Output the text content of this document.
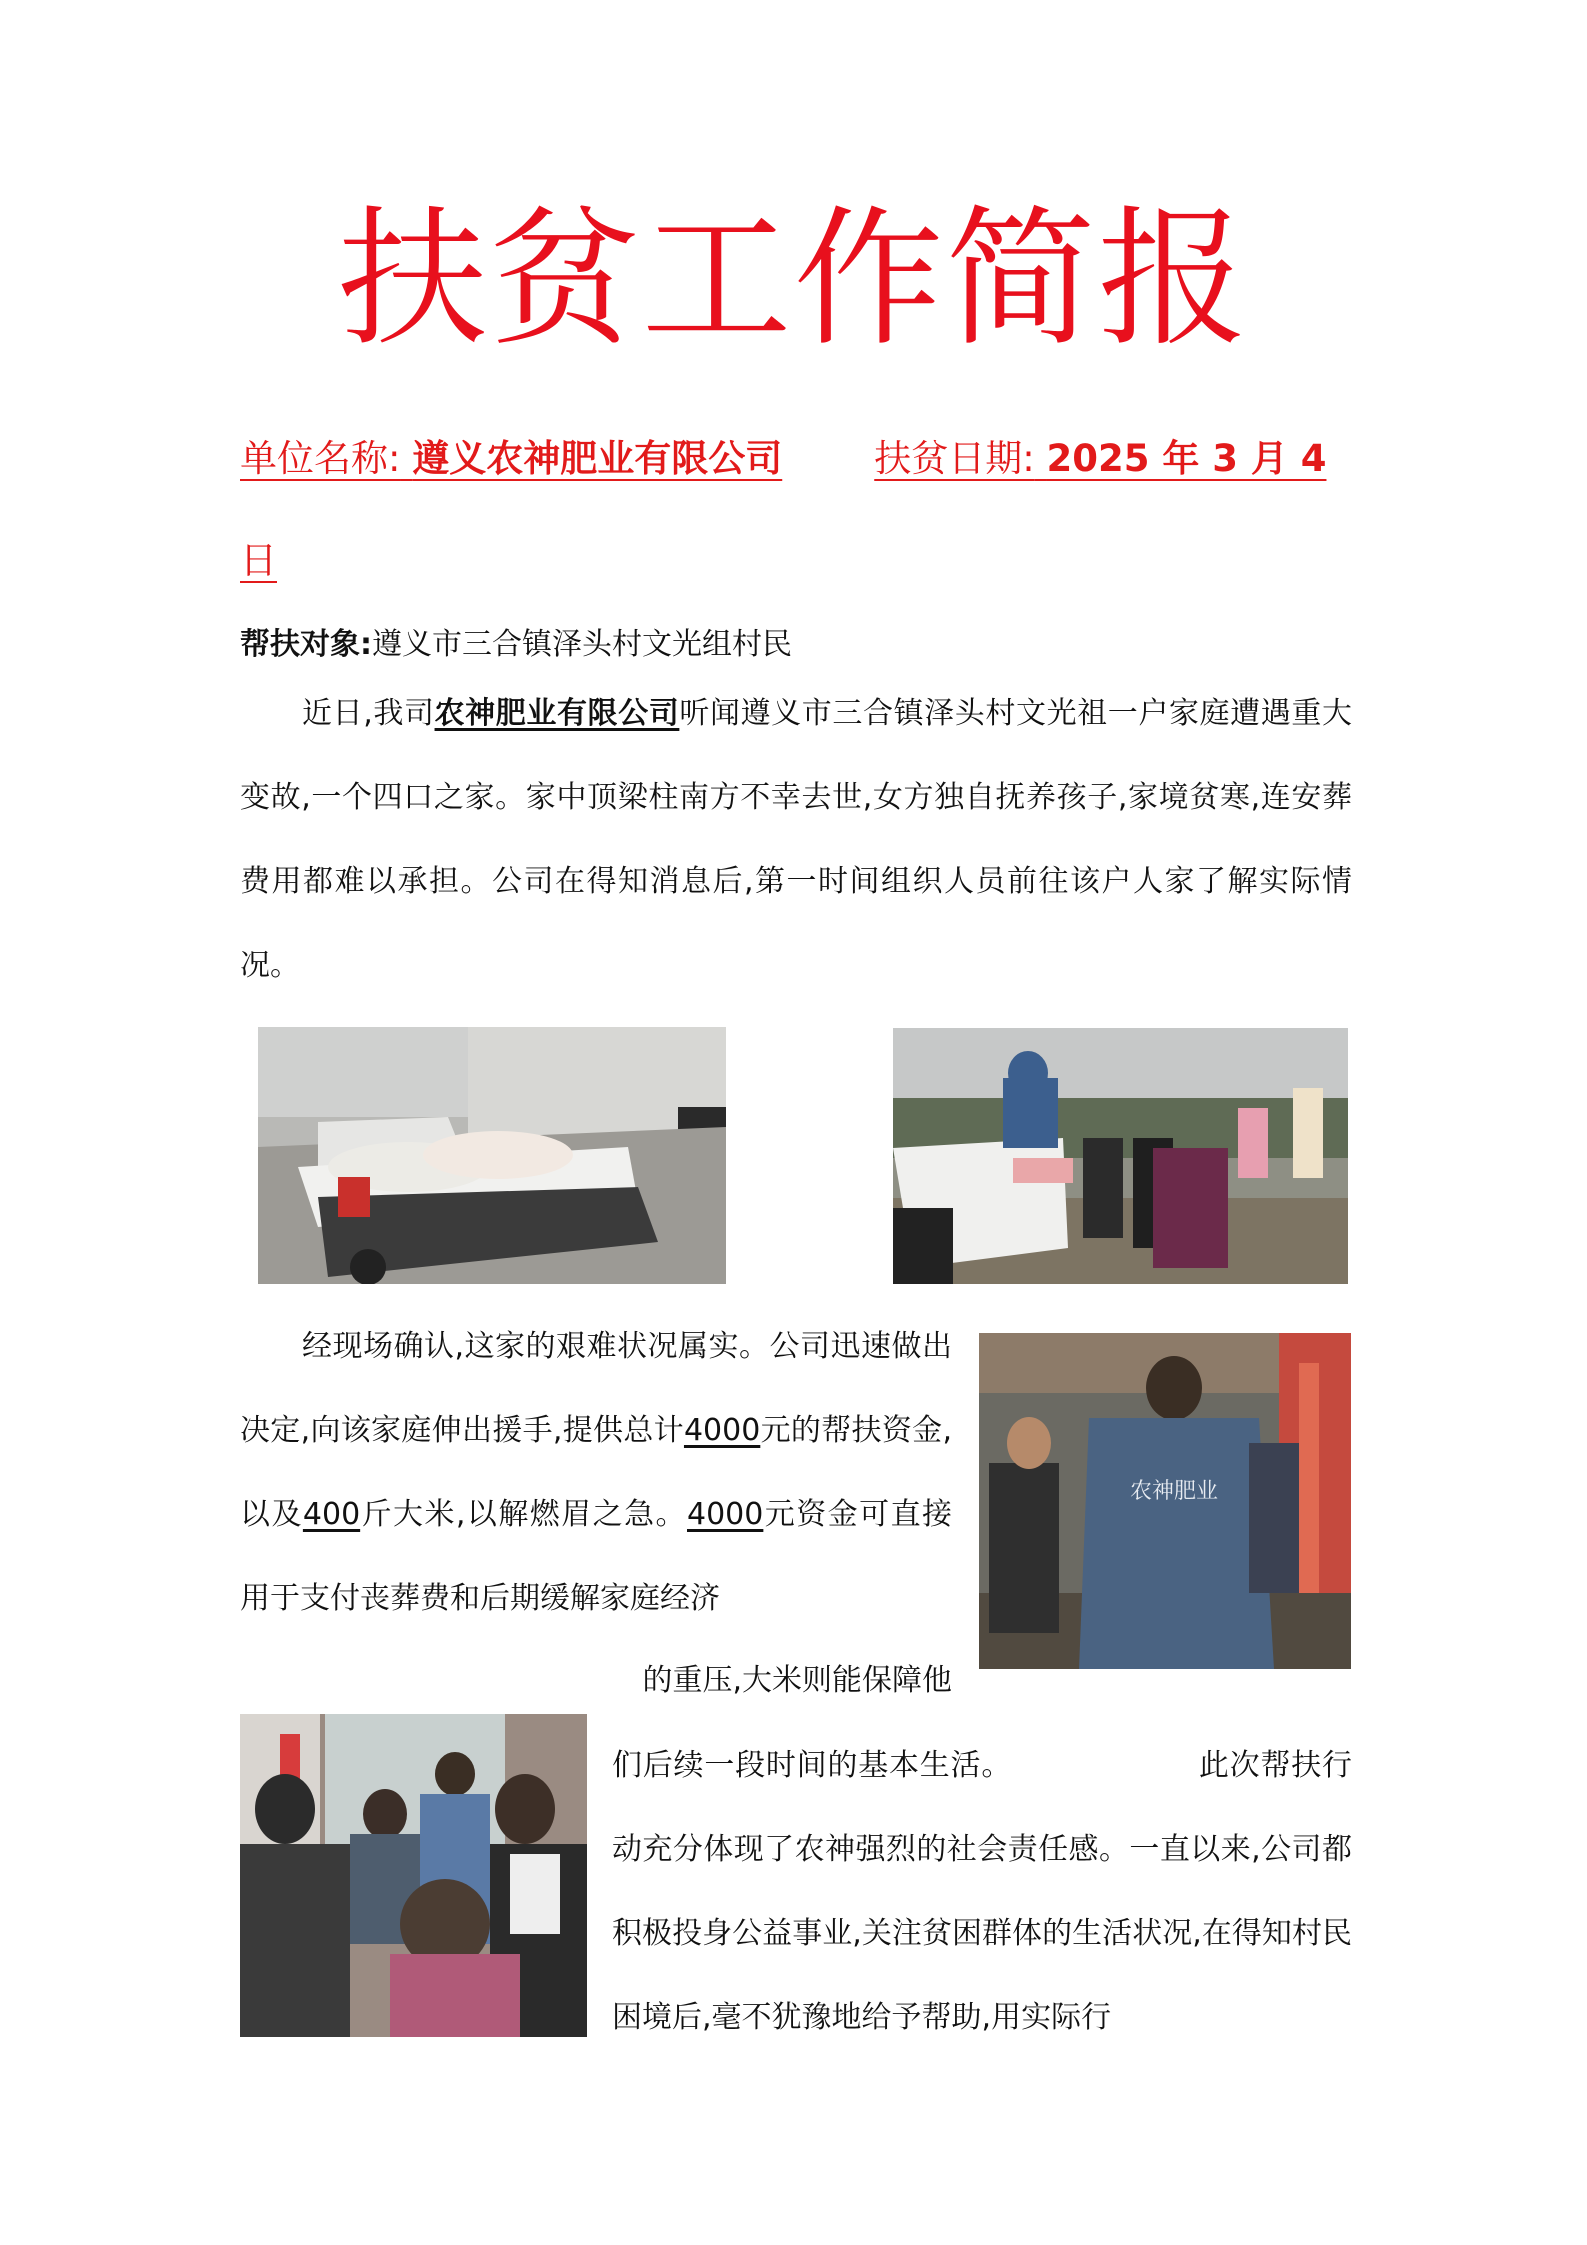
扶贫工作简报
单位名称: 遵义农神肥业有限公司 扶贫日期: 2025 年 3 月 4
日
帮扶对象:遵义市三合镇泽头村文光组村民
近日,我司农神肥业有限公司听闻遵义市三合镇泽头村文光祖一户家庭遭遇重大变故,一个四口之家。家中顶梁柱南方不幸去世,女方独自抚养孩子,家境贫寒,连安葬费用都难以承担。公司在得知消息后,第一时间组织人员前往该户人家了解实际情况。
经现场确认,这家的艰难状况属实。公司迅速做出决定,向该家庭伸出援手,提供总计4000元的帮扶资金,以及400斤大米,以解燃眉之急。4000元资金可直接用于支付丧葬费和后期缓解家庭经济
农神肥业
的重压,大米则能保障他
们后续一段时间的基本生活。	此次帮扶行动充分体现了农神强烈的社会责任感。一直以来,公司都积极投身公益事业,关注贫困群体的生活状况,在得知村民困境后,毫不犹豫地给予帮助,用实际行
